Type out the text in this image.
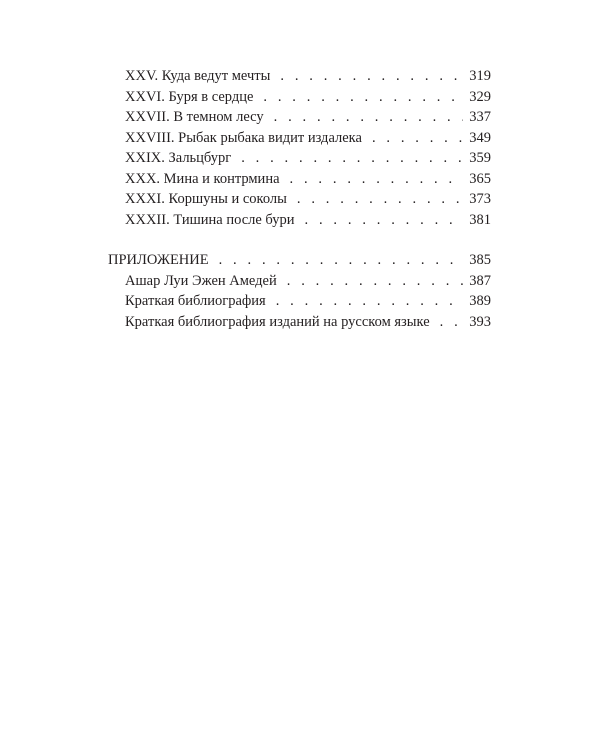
XXV. Куда ведут мечты . . .	319
XXVI. Буря в сердце . . .	329
XXVII. В темном лесу . . .	337
XXVIII. Рыбак рыбака видит издалека . . .	349
XXIX. Зальцбург . . .	359
XXX. Мина и контрмина . . .	365
XXXI. Коршуны и соколы . . .	373
XXXII. Тишина после бури . . .	381
ПРИЛОЖЕНИЕ . . .	385
Ашар Луи Эжен Амедей . . .	387
Краткая библиография . . .	389
Краткая библиография изданий на русском языке . . .	393
